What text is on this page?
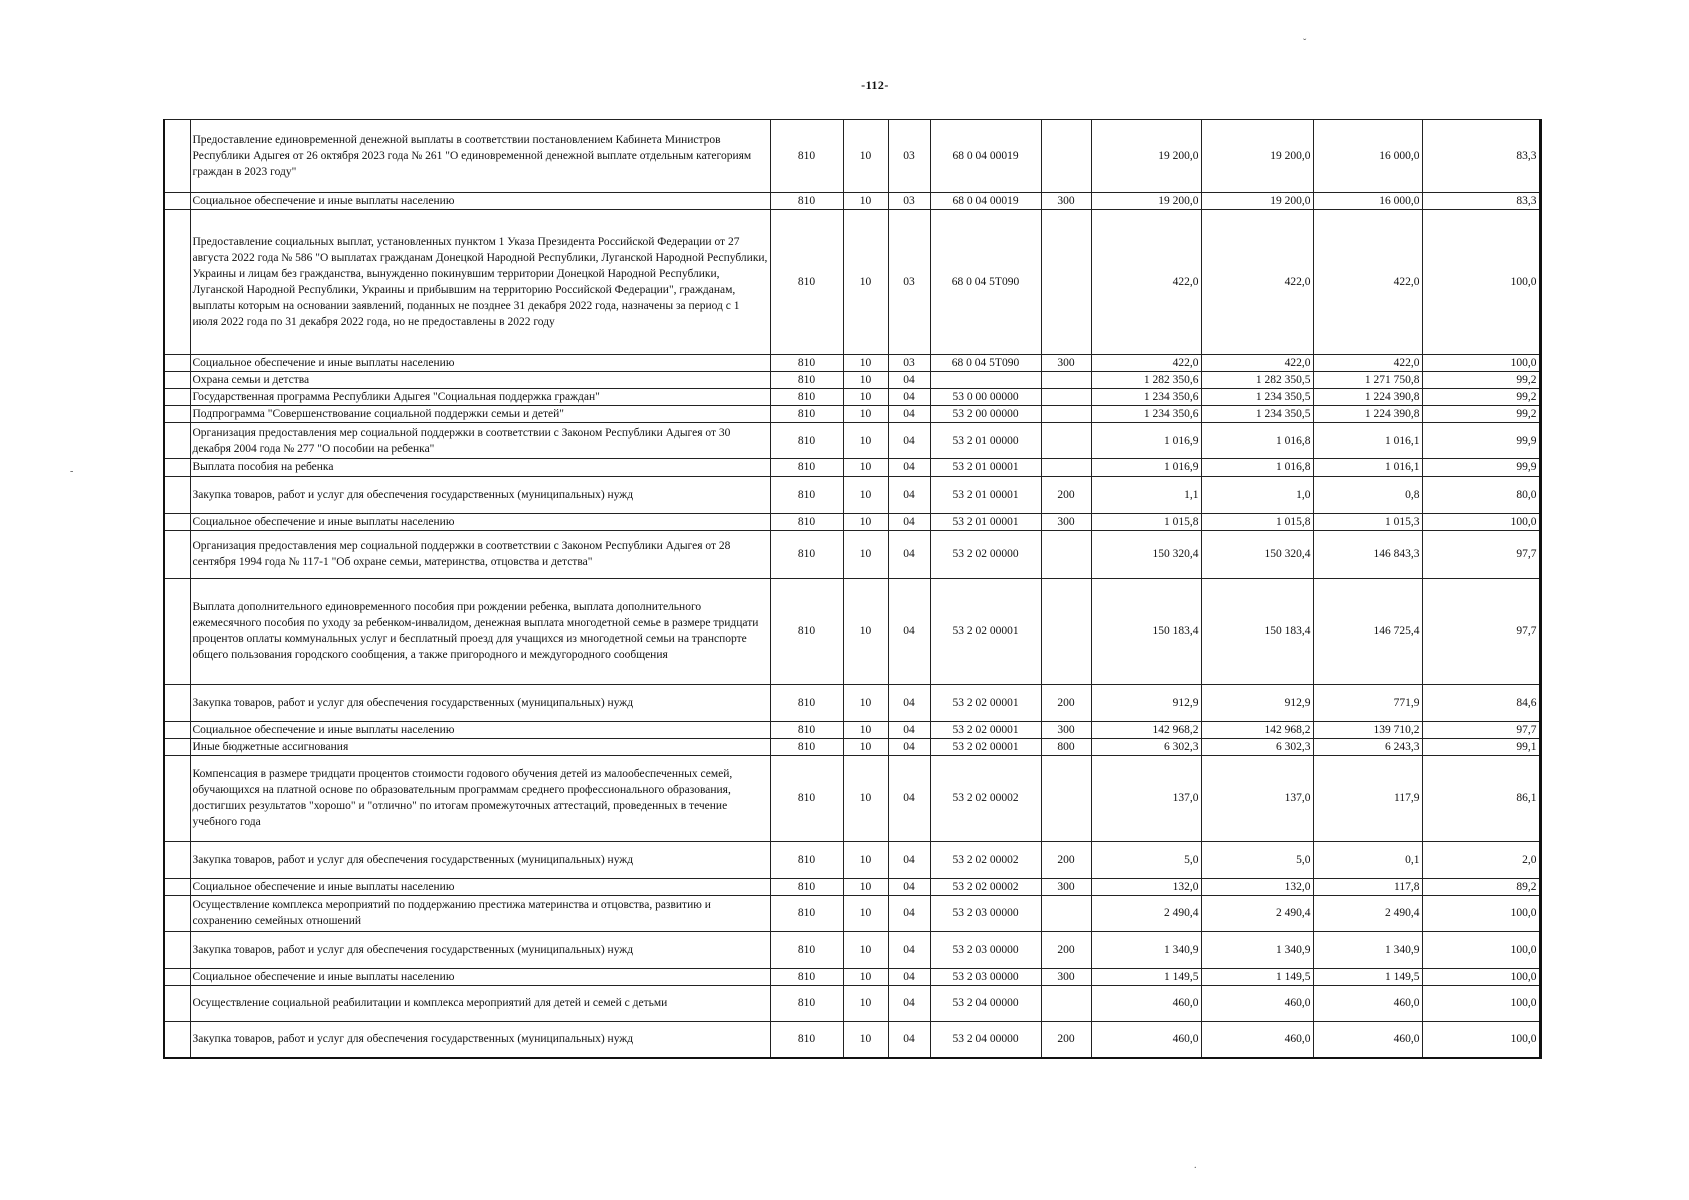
-112-
ˇ
-
.
	Предоставление единовременной денежной выплаты в соответствии постановлением Кабинета Министров Республики Адыгея от 26 октября 2023 года № 261 "О единовременной денежной выплате отдельным категориям граждан в 2023 году"	810	10	03	68 0 04 00019		19 200,0	19 200,0	16 000,0	83,3
	Социальное обеспечение и иные выплаты населению	810	10	03	68 0 04 00019	300	19 200,0	19 200,0	16 000,0	83,3
	Предоставление социальных выплат, установленных пунктом 1 Указа Президента Российской Федерации от 27 августа 2022 года № 586 "О выплатах гражданам Донецкой Народной Республики, Луганской Народной Республики, Украины и лицам без гражданства, вынужденно покинувшим территории Донецкой Народной Республики, Луганской Народной Республики, Украины и прибывшим на территорию Российской Федерации", гражданам, выплаты которым на основании заявлений, поданных не позднее 31 декабря 2022 года, назначены за период с 1 июля 2022 года по 31 декабря 2022 года, но не предоставлены в 2022 году	810	10	03	68 0 04 5Т090		422,0	422,0	422,0	100,0
	Социальное обеспечение и иные выплаты населению	810	10	03	68 0 04 5Т090	300	422,0	422,0	422,0	100,0
	Охрана семьи и детства	810	10	04			1 282 350,6	1 282 350,5	1 271 750,8	99,2
	Государственная программа Республики Адыгея "Социальная поддержка граждан"	810	10	04	53 0 00 00000		1 234 350,6	1 234 350,5	1 224 390,8	99,2
	Подпрограмма "Совершенствование социальной поддержки семьи и детей"	810	10	04	53 2 00 00000		1 234 350,6	1 234 350,5	1 224 390,8	99,2
	Организация предоставления мер социальной поддержки в соответствии с Законом Республики Адыгея от 30 декабря 2004 года № 277 "О пособии на ребенка"	810	10	04	53 2 01 00000		1 016,9	1 016,8	1 016,1	99,9
	Выплата пособия на ребенка	810	10	04	53 2 01 00001		1 016,9	1 016,8	1 016,1	99,9
	Закупка товаров, работ и услуг для обеспечения государственных (муниципальных) нужд	810	10	04	53 2 01 00001	200	1,1	1,0	0,8	80,0
	Социальное обеспечение и иные выплаты населению	810	10	04	53 2 01 00001	300	1 015,8	1 015,8	1 015,3	100,0
	Организация предоставления мер социальной поддержки в соответствии с Законом Республики Адыгея от 28 сентября 1994 года № 117-1 "Об охране семьи, материнства, отцовства и детства"	810	10	04	53 2 02 00000		150 320,4	150 320,4	146 843,3	97,7
	Выплата дополнительного единовременного пособия при рождении ребенка, выплата дополнительного ежемесячного пособия по уходу за ребенком-инвалидом, денежная выплата многодетной семье в размере тридцати процентов оплаты коммунальных услуг и бесплатный проезд для учащихся из многодетной семьи на транспорте общего пользования городского сообщения, а также пригородного и междугородного сообщения	810	10	04	53 2 02 00001		150 183,4	150 183,4	146 725,4	97,7
	Закупка товаров, работ и услуг для обеспечения государственных (муниципальных) нужд	810	10	04	53 2 02 00001	200	912,9	912,9	771,9	84,6
	Социальное обеспечение и иные выплаты населению	810	10	04	53 2 02 00001	300	142 968,2	142 968,2	139 710,2	97,7
	Иные бюджетные ассигнования	810	10	04	53 2 02 00001	800	6 302,3	6 302,3	6 243,3	99,1
	Компенсация в размере тридцати процентов стоимости годового обучения детей из малообеспеченных семей, обучающихся на платной основе по образовательным программам среднего профессионального образования, достигших результатов "хорошо" и "отлично" по итогам промежуточных аттестаций, проведенных в течение учебного года	810	10	04	53 2 02 00002		137,0	137,0	117,9	86,1
	Закупка товаров, работ и услуг для обеспечения государственных (муниципальных) нужд	810	10	04	53 2 02 00002	200	5,0	5,0	0,1	2,0
	Социальное обеспечение и иные выплаты населению	810	10	04	53 2 02 00002	300	132,0	132,0	117,8	89,2
	Осуществление комплекса мероприятий по поддержанию престижа материнства и отцовства, развитию и сохранению семейных отношений	810	10	04	53 2 03 00000		2 490,4	2 490,4	2 490,4	100,0
	Закупка товаров, работ и услуг для обеспечения государственных (муниципальных) нужд	810	10	04	53 2 03 00000	200	1 340,9	1 340,9	1 340,9	100,0
	Социальное обеспечение и иные выплаты населению	810	10	04	53 2 03 00000	300	1 149,5	1 149,5	1 149,5	100,0
	Осуществление социальной реабилитации и комплекса мероприятий для детей и семей с детьми	810	10	04	53 2 04 00000		460,0	460,0	460,0	100,0
	Закупка товаров, работ и услуг для обеспечения государственных (муниципальных) нужд	810	10	04	53 2 04 00000	200	460,0	460,0	460,0	100,0
